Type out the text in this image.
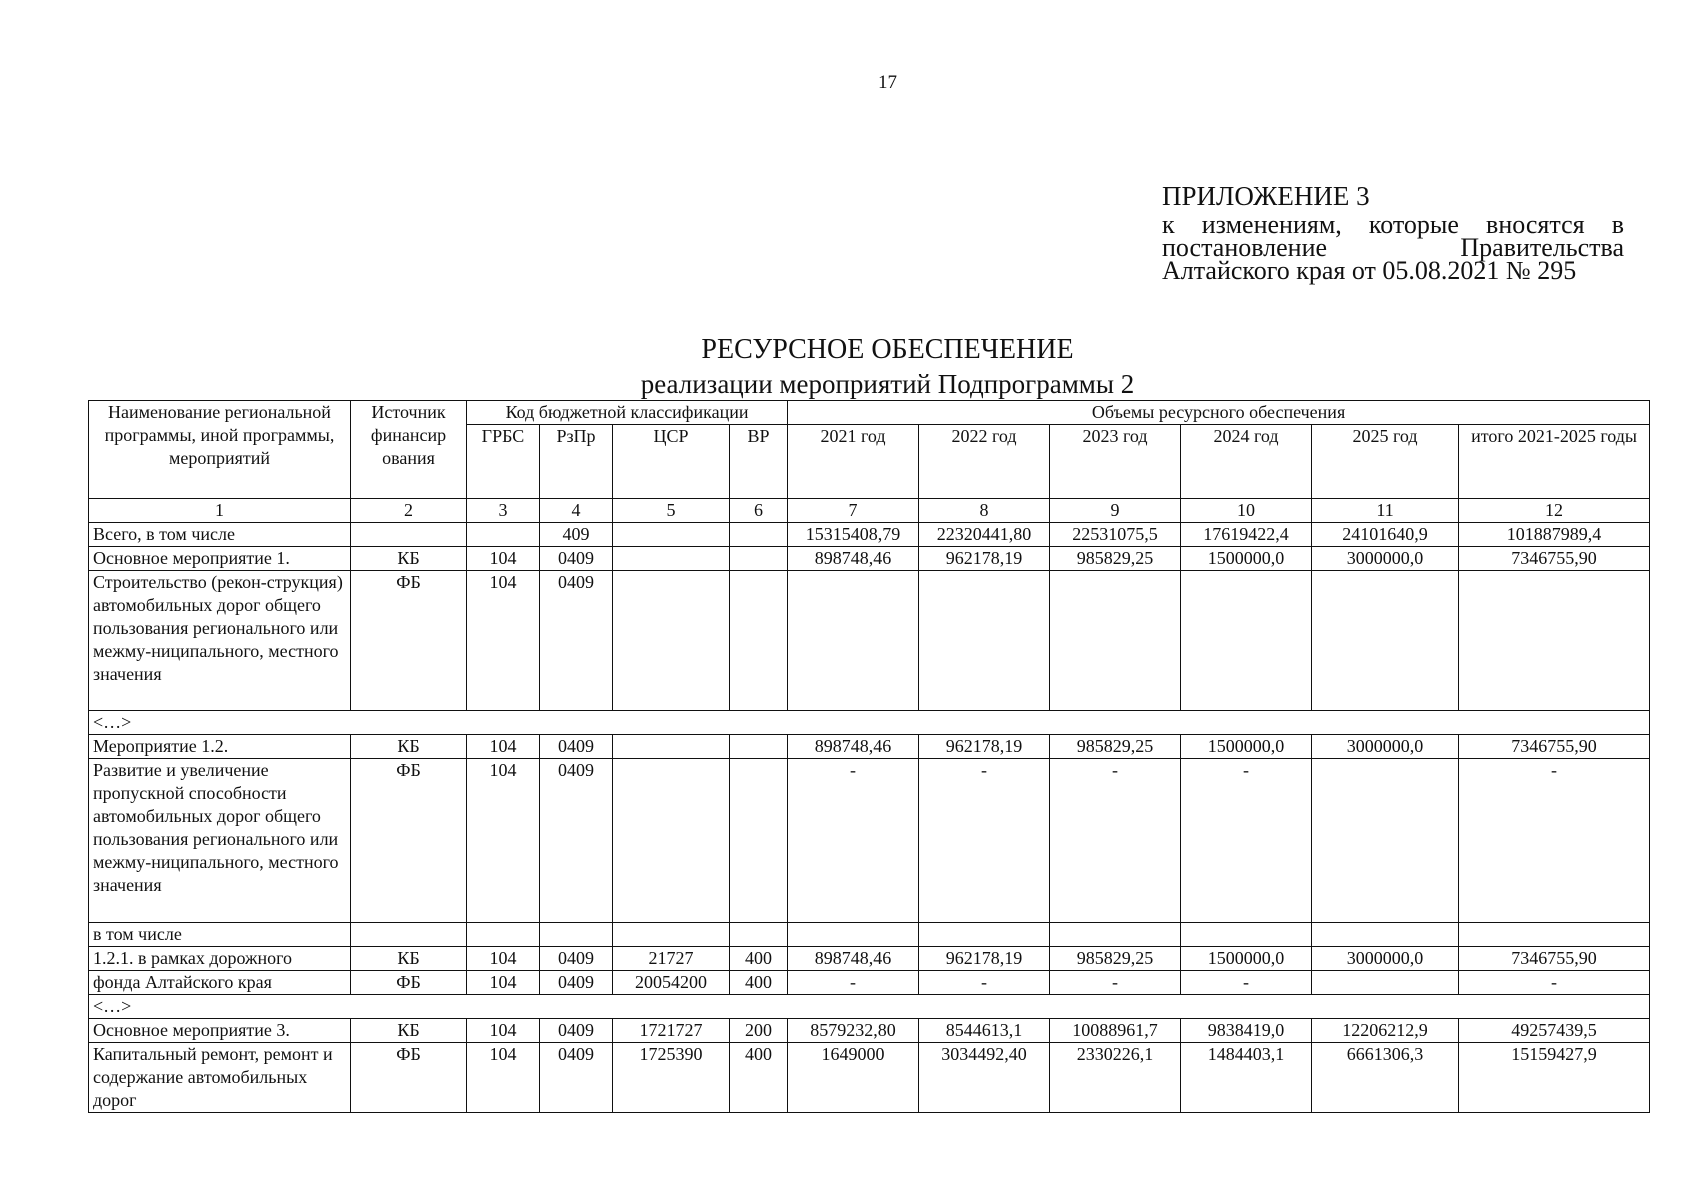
17
ПРИЛОЖЕНИЕ 3
к изменениям, которые вносятся в
постановление Правительства
Алтайского края от 05.08.2021 № 295
РЕСУРСНОЕ ОБЕСПЕЧЕНИЕ
реализации мероприятий Подпрограммы 2
Наименование региональной программы, иной программы, мероприятий	Источник финансир ования	Код бюджетной классификации				Объемы ресурсного обеспечения					
		ГРБС	РзПр	ЦСР	ВР	2021 год	2022 год	2023 год	2024 год	2025 год	итого 2021-2025 годы
1	2	3	4	5	6	7	8	9	10	11	12
Всего, в том числе			409			15315408,79	22320441,80	22531075,5	17619422,4	24101640,9	101887989,4
Основное мероприятие 1.	КБ	104	0409			898748,46	962178,19	985829,25	1500000,0	3000000,0	7346755,90
Строительство (рекон-струкция) автомобильных дорог общего пользования регионального или межму-ниципального, местного значения	ФБ	104	0409								
<…>											
Мероприятие 1.2.	КБ	104	0409			898748,46	962178,19	985829,25	1500000,0	3000000,0	7346755,90
Развитие и увеличение пропускной способности автомобильных дорог общего пользования регионального или межму-ниципального, местного значения	ФБ	104	0409			-	-	-	-		-
в том числе											
1.2.1. в рамках дорожного	КБ	104	0409	21727	400	898748,46	962178,19	985829,25	1500000,0	3000000,0	7346755,90
фонда Алтайского края	ФБ	104	0409	20054200	400	-	-	-	-		-
<…>											
Основное мероприятие 3.	КБ	104	0409	1721727	200	8579232,80	8544613,1	10088961,7	9838419,0	12206212,9	49257439,5
Капитальный ремонт, ремонт и содержание автомобильных дорог	ФБ	104	0409	1725390	400	1649000	3034492,40	2330226,1	1484403,1	6661306,3	15159427,9
